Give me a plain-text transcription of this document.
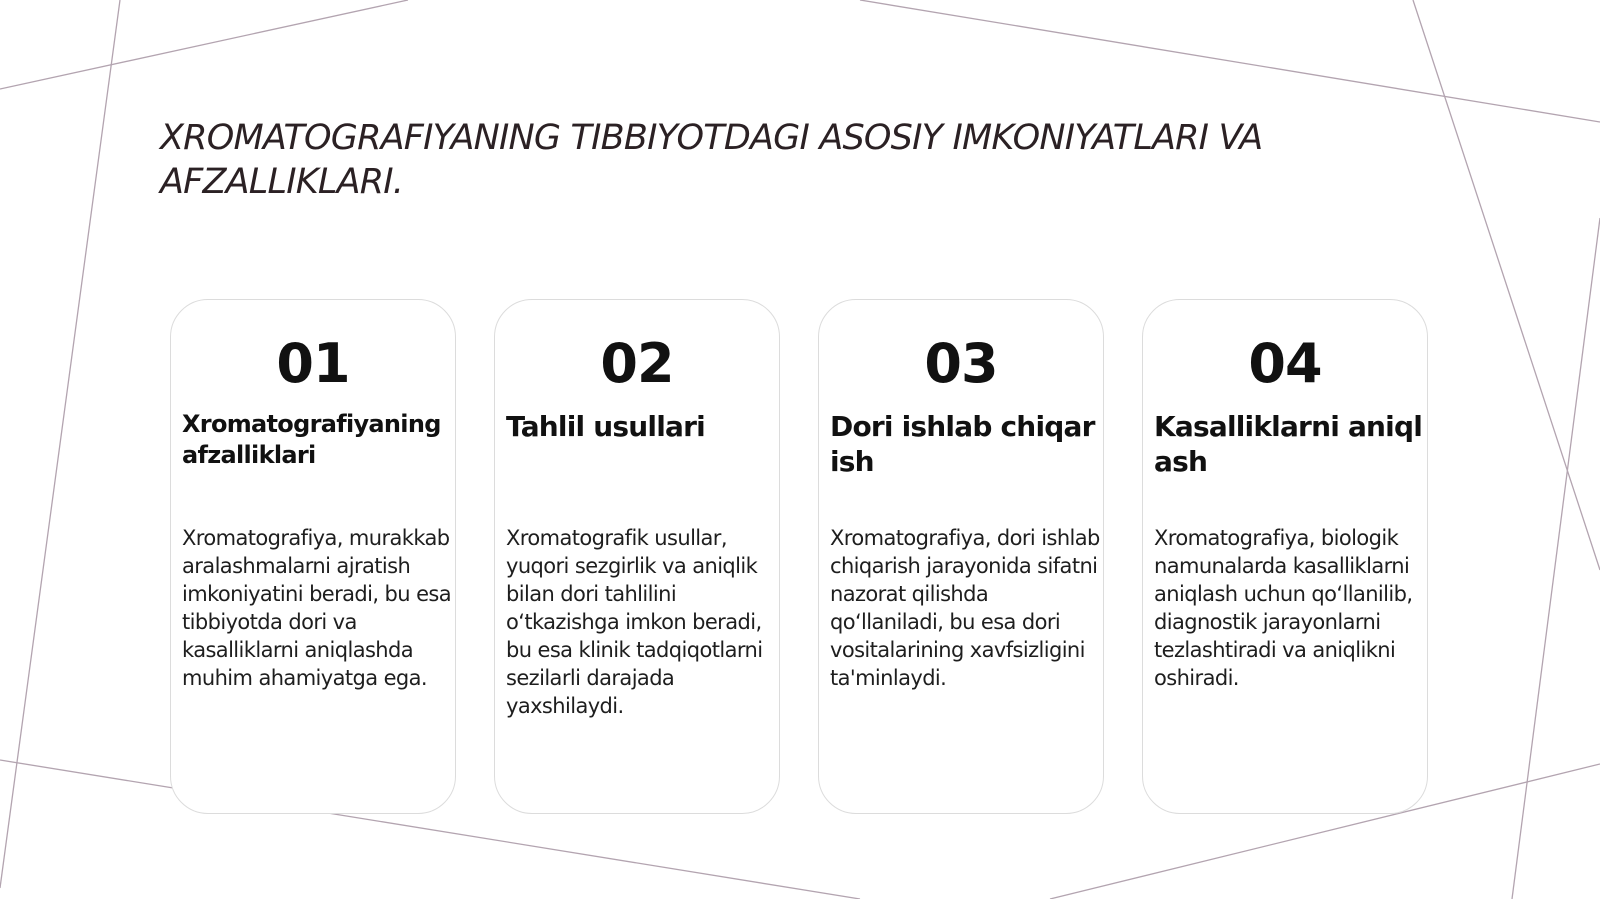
XROMATOGRAFIYANING TIBBIYOTDAGI ASOSIY IMKONIYATLARI VA AFZALLIKLARI.
01
Xromatografiyaning afzalliklari

Xromatografiya, murakkab aralashmalarni ajratish imkoniyatini beradi, bu esa tibbiyotda dori va kasalliklarni aniqlashda muhim ahamiyatga ega.

02
Tahlil usullari

Xromatografik usullar, yuqori sezgirlik va aniqlik bilan dori tahlilini o‘tkazishga imkon beradi, bu esa klinik tadqiqotlarni sezilarli darajada yaxshilaydi.

03
Dori ishlab chiqarish

Xromatografiya, dori ishlab chiqarish jarayonida sifatni nazorat qilishda qo‘llaniladi, bu esa dori vositalarining xavfsizligini ta'minlaydi.

04
Kasalliklarni aniqlash

Xromatografiya, biologik namunalarda kasalliklarni aniqlash uchun qo‘llanilib, diagnostik jarayonlarni tezlashtiradi va aniqlikni oshiradi.
